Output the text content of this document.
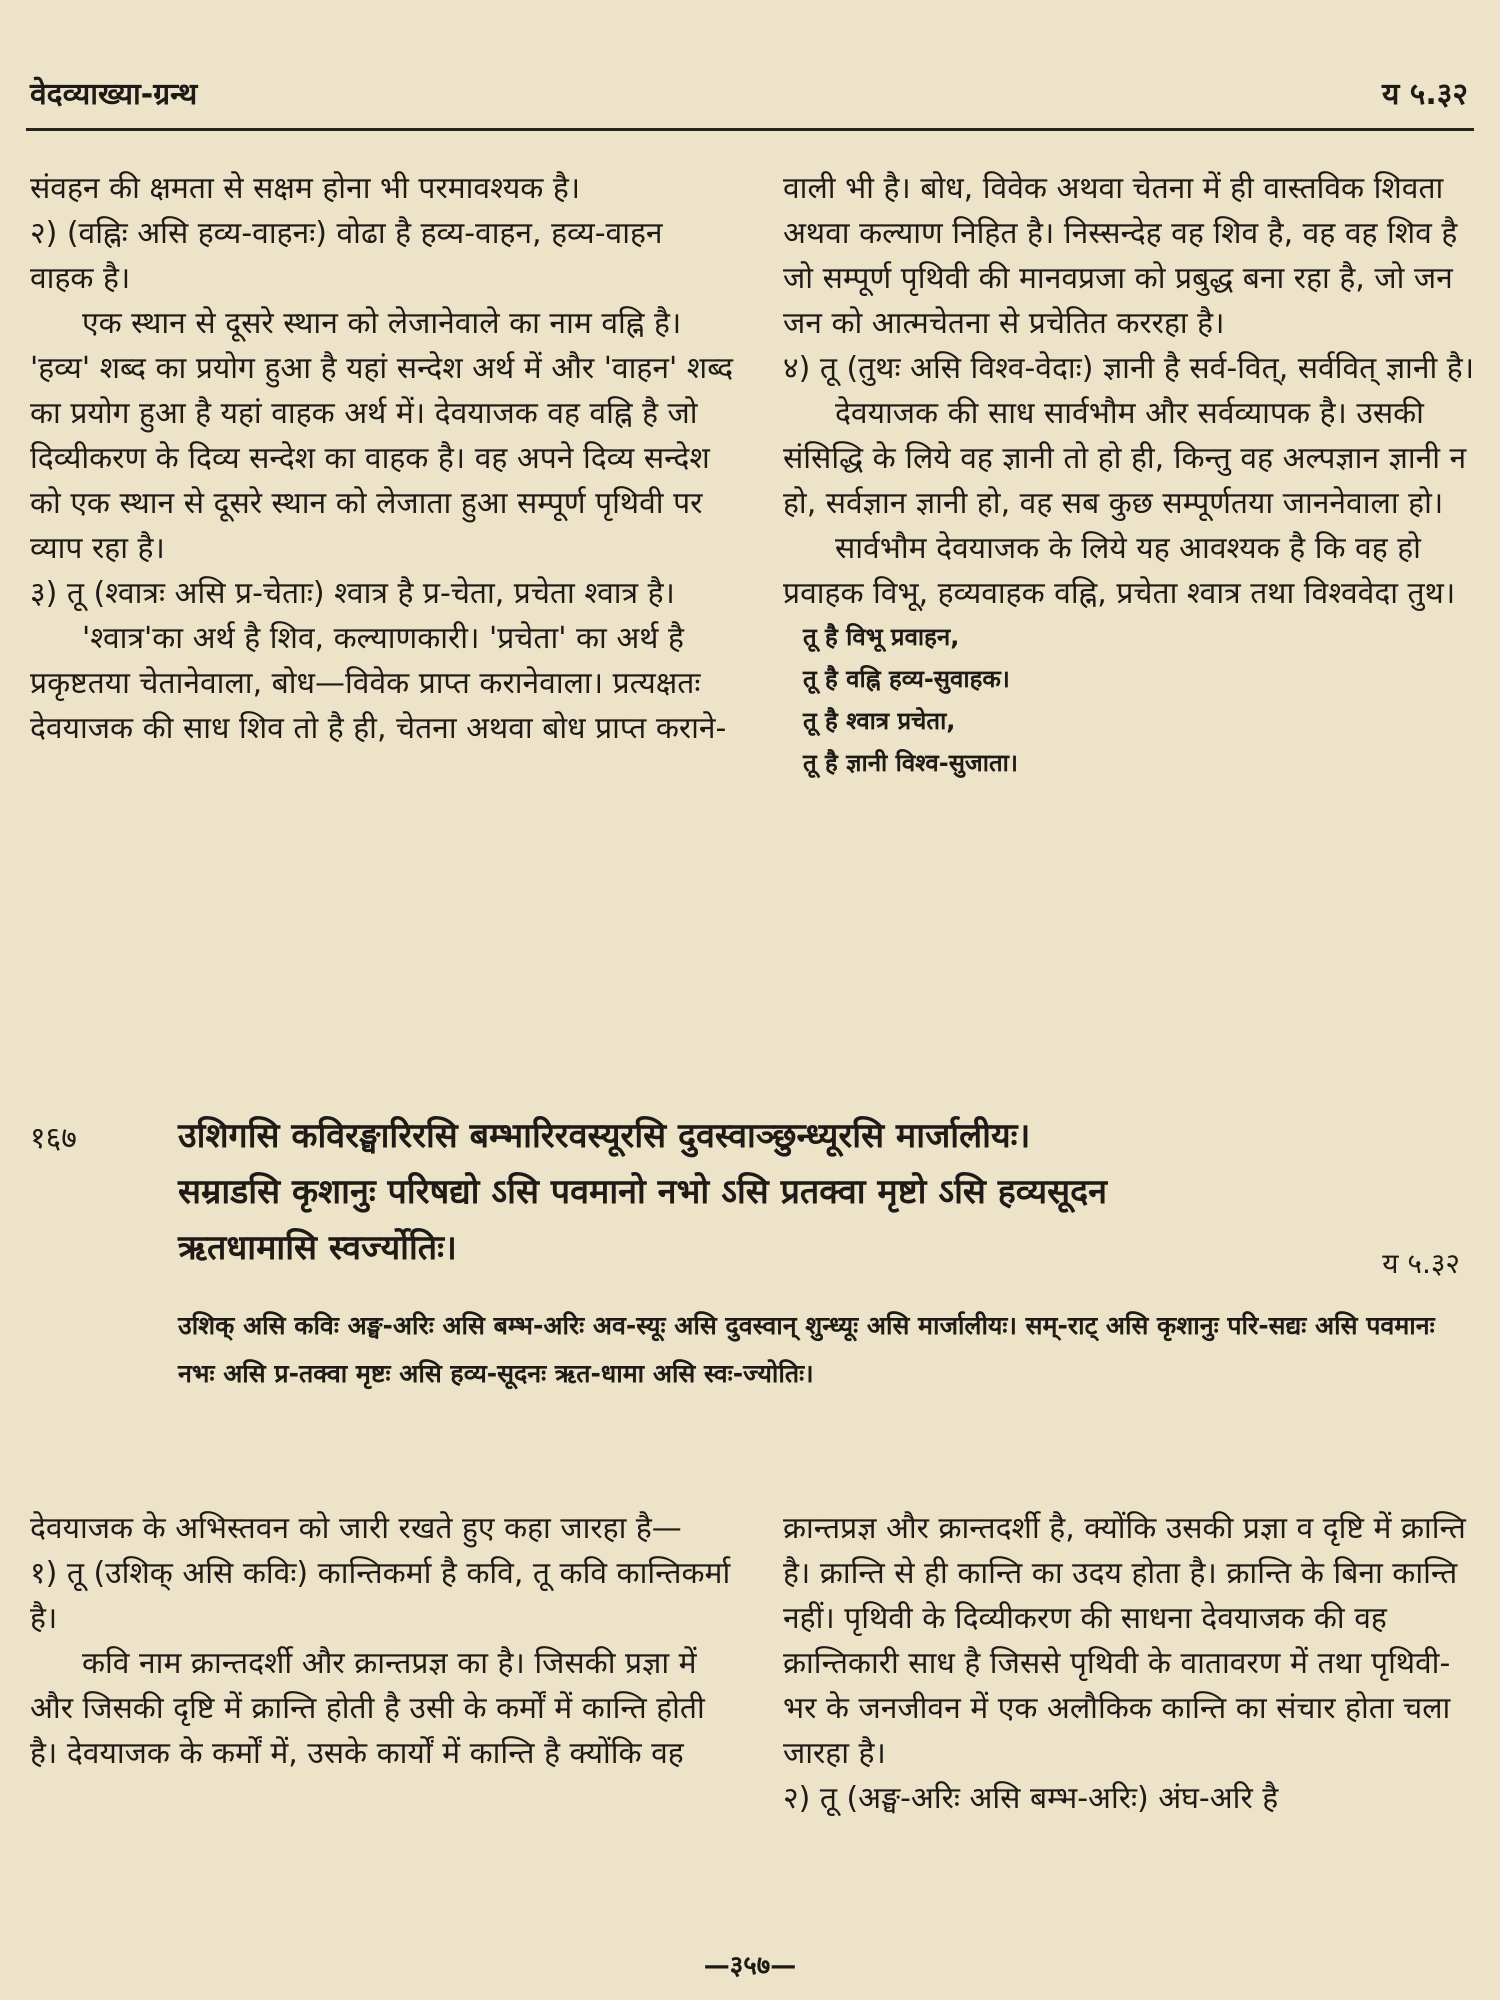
वेदव्याख्या-ग्रन्थ	य ५.३२

संवहन की क्षमता से सक्षम होना भी परमावश्यक है।

२) (वह्निः असि हव्य-वाहनः) वोढा है हव्य-वाहन, हव्य-वाहन वाहक है।

एक स्थान से दूसरे स्थान को लेजानेवाले का नाम वह्नि है। 'हव्य' शब्द का प्रयोग हुआ है यहां सन्देश अर्थ में और 'वाहन' शब्द का प्रयोग हुआ है यहां वाहक अर्थ में। देवयाजक वह वह्नि है जो दिव्यीकरण के दिव्य सन्देश का वाहक है। वह अपने दिव्य सन्देश को एक स्थान से दूसरे स्थान को लेजाता हुआ सम्पूर्ण पृथिवी पर व्याप रहा है।

३) तू (श्वात्रः असि प्र-चेताः) श्वात्र है प्र-चेता, प्रचेता श्वात्र है।

'श्वात्र'का अर्थ है शिव, कल्याणकारी। 'प्रचेता' का अर्थ है प्रकृष्टतया चेतानेवाला, बोध—विवेक प्राप्त करानेवाला। प्रत्यक्षतः देवयाजक की साध शिव तो है ही, चेतना अथवा बोध प्राप्त कराने-

वाली भी है। बोध, विवेक अथवा चेतना में ही वास्तविक शिवता अथवा कल्याण निहित है। निस्सन्देह वह शिव है, वह वह शिव है जो सम्पूर्ण पृथिवी की मानवप्रजा को प्रबुद्ध बना रहा है, जो जन जन को आत्मचेतना से प्रचेतित कररहा है।

४) तू (तुथः असि विश्व-वेदाः) ज्ञानी है सर्व-वित्, सर्ववित् ज्ञानी है।

देवयाजक की साध सार्वभौम और सर्वव्यापक है। उसकी संसिद्धि के लिये वह ज्ञानी तो हो ही, किन्तु वह अल्पज्ञान ज्ञानी न हो, सर्वज्ञान ज्ञानी हो, वह सब कुछ सम्पूर्णतया जाननेवाला हो।

सार्वभौम देवयाजक के लिये यह आवश्यक है कि वह हो प्रवाहक विभू, हव्यवाहक वह्नि, प्रचेता श्वात्र तथा विश्ववेदा तुथ।

तू है विभू प्रवाहन,

तू है वह्नि हव्य-सुवाहक।

तू है श्वात्र प्रचेता,

तू है ज्ञानी विश्व-सुजाता।

१६७	उशिगसि कविरङ्घारिरसि बम्भारिरवस्यूरसि दुवस्वाञ्छुन्ध्यूरसि मार्जालीयः।
सम्राडसि कृशानुः परिषद्यो ऽसि पवमानो नभो ऽसि प्रतक्वा मृष्टो ऽसि हव्यसूदन
ऋतधामासि स्वर्ज्योतिः।	य ५.३२
उशिक् असि कविः अङ्घ-अरिः असि बम्भ-अरिः अव-स्यूः असि दुवस्वान् शुन्ध्यूः असि मार्जालीयः। सम्-राट् असि कृशानुः परि-सद्यः असि पवमानः नभः असि प्र-तक्वा मृष्टः असि हव्य-सूदनः ऋत-धामा असि स्वः-ज्योतिः।

देवयाजक के अभिस्तवन को जारी रखते हुए कहा जारहा है—

१) तू (उशिक् असि कविः) कान्तिकर्मा है कवि, तू कवि कान्तिकर्मा है।

कवि नाम क्रान्तदर्शी और क्रान्तप्रज्ञ का है। जिसकी प्रज्ञा में और जिसकी दृष्टि में क्रान्ति होती है उसी के कर्मों में कान्ति होती है। देवयाजक के कर्मों में, उसके कार्यों में कान्ति है क्योंकि वह

क्रान्तप्रज्ञ और क्रान्तदर्शी है, क्योंकि उसकी प्रज्ञा व दृष्टि में क्रान्ति है। क्रान्ति से ही कान्ति का उदय होता है। क्रान्ति के बिना कान्ति नहीं। पृथिवी के दिव्यीकरण की साधना देवयाजक की वह क्रान्तिकारी साध है जिससे पृथिवी के वातावरण में तथा पृथिवी-भर के जनजीवन में एक अलौकिक कान्ति का संचार होता चला जारहा है।

२) तू (अङ्घ-अरिः असि बम्भ-अरिः) अंघ-अरि है

—३५७—
